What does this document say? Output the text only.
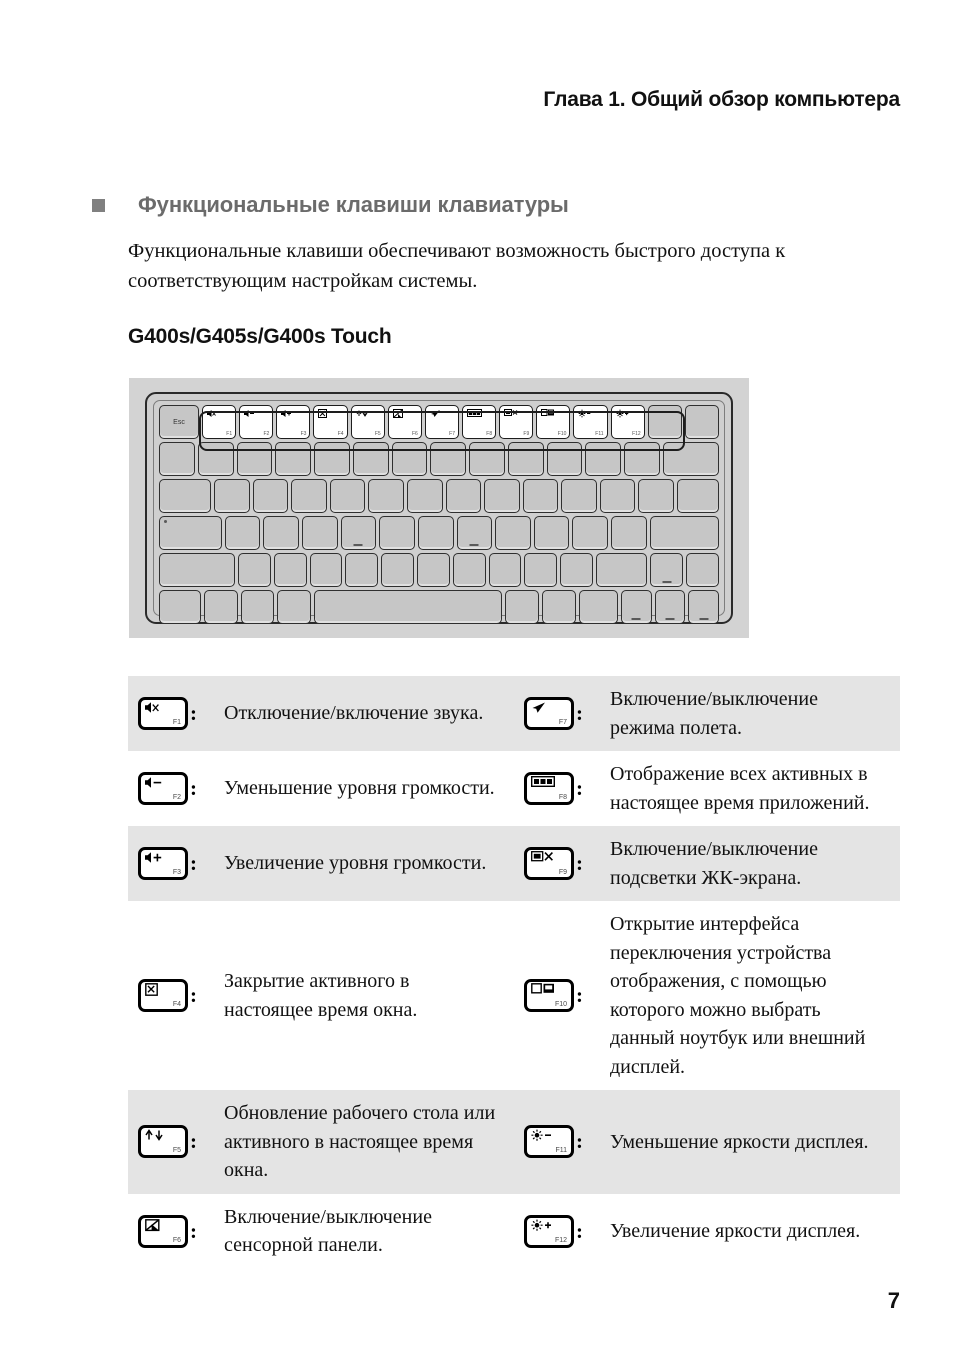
Глава 1. Общий обзор компьютера
Функциональные клавиши клавиатуры
Функциональные клавиши обеспечивают возможность быстрого доступа к соответствующим настройкам системы.
G400s/G405s/G400s Touch
Esc
F1	F2	F3	F4	F5	F6	F7	F8	F9	F10	F11	F12
F1 :	Отключение/включение звука.	F7 :	Включение/выключение режима полета.

F2 :	Уменьшение уровня громкости.	F8 :	Отображение всех активных в настоящее время приложений.

F3 :	Увеличение уровня громкости.	F9 :	Включение/выключение подсветки ЖК-экрана.

F4 :	Закрытие активного в настоящее время окна.	F10 :	Открытие интерфейса переключения устройства отображения, с помощью которого можно выбрать данный ноутбук или внешний дисплей.

F5 :	Обновление рабочего стола или активного в настоящее время окна.	F11 :	Уменьшение яркости дисплея.

F6 :	Включение/выключение сенсорной панели.	F12 :	Увеличение яркости дисплея.
7
